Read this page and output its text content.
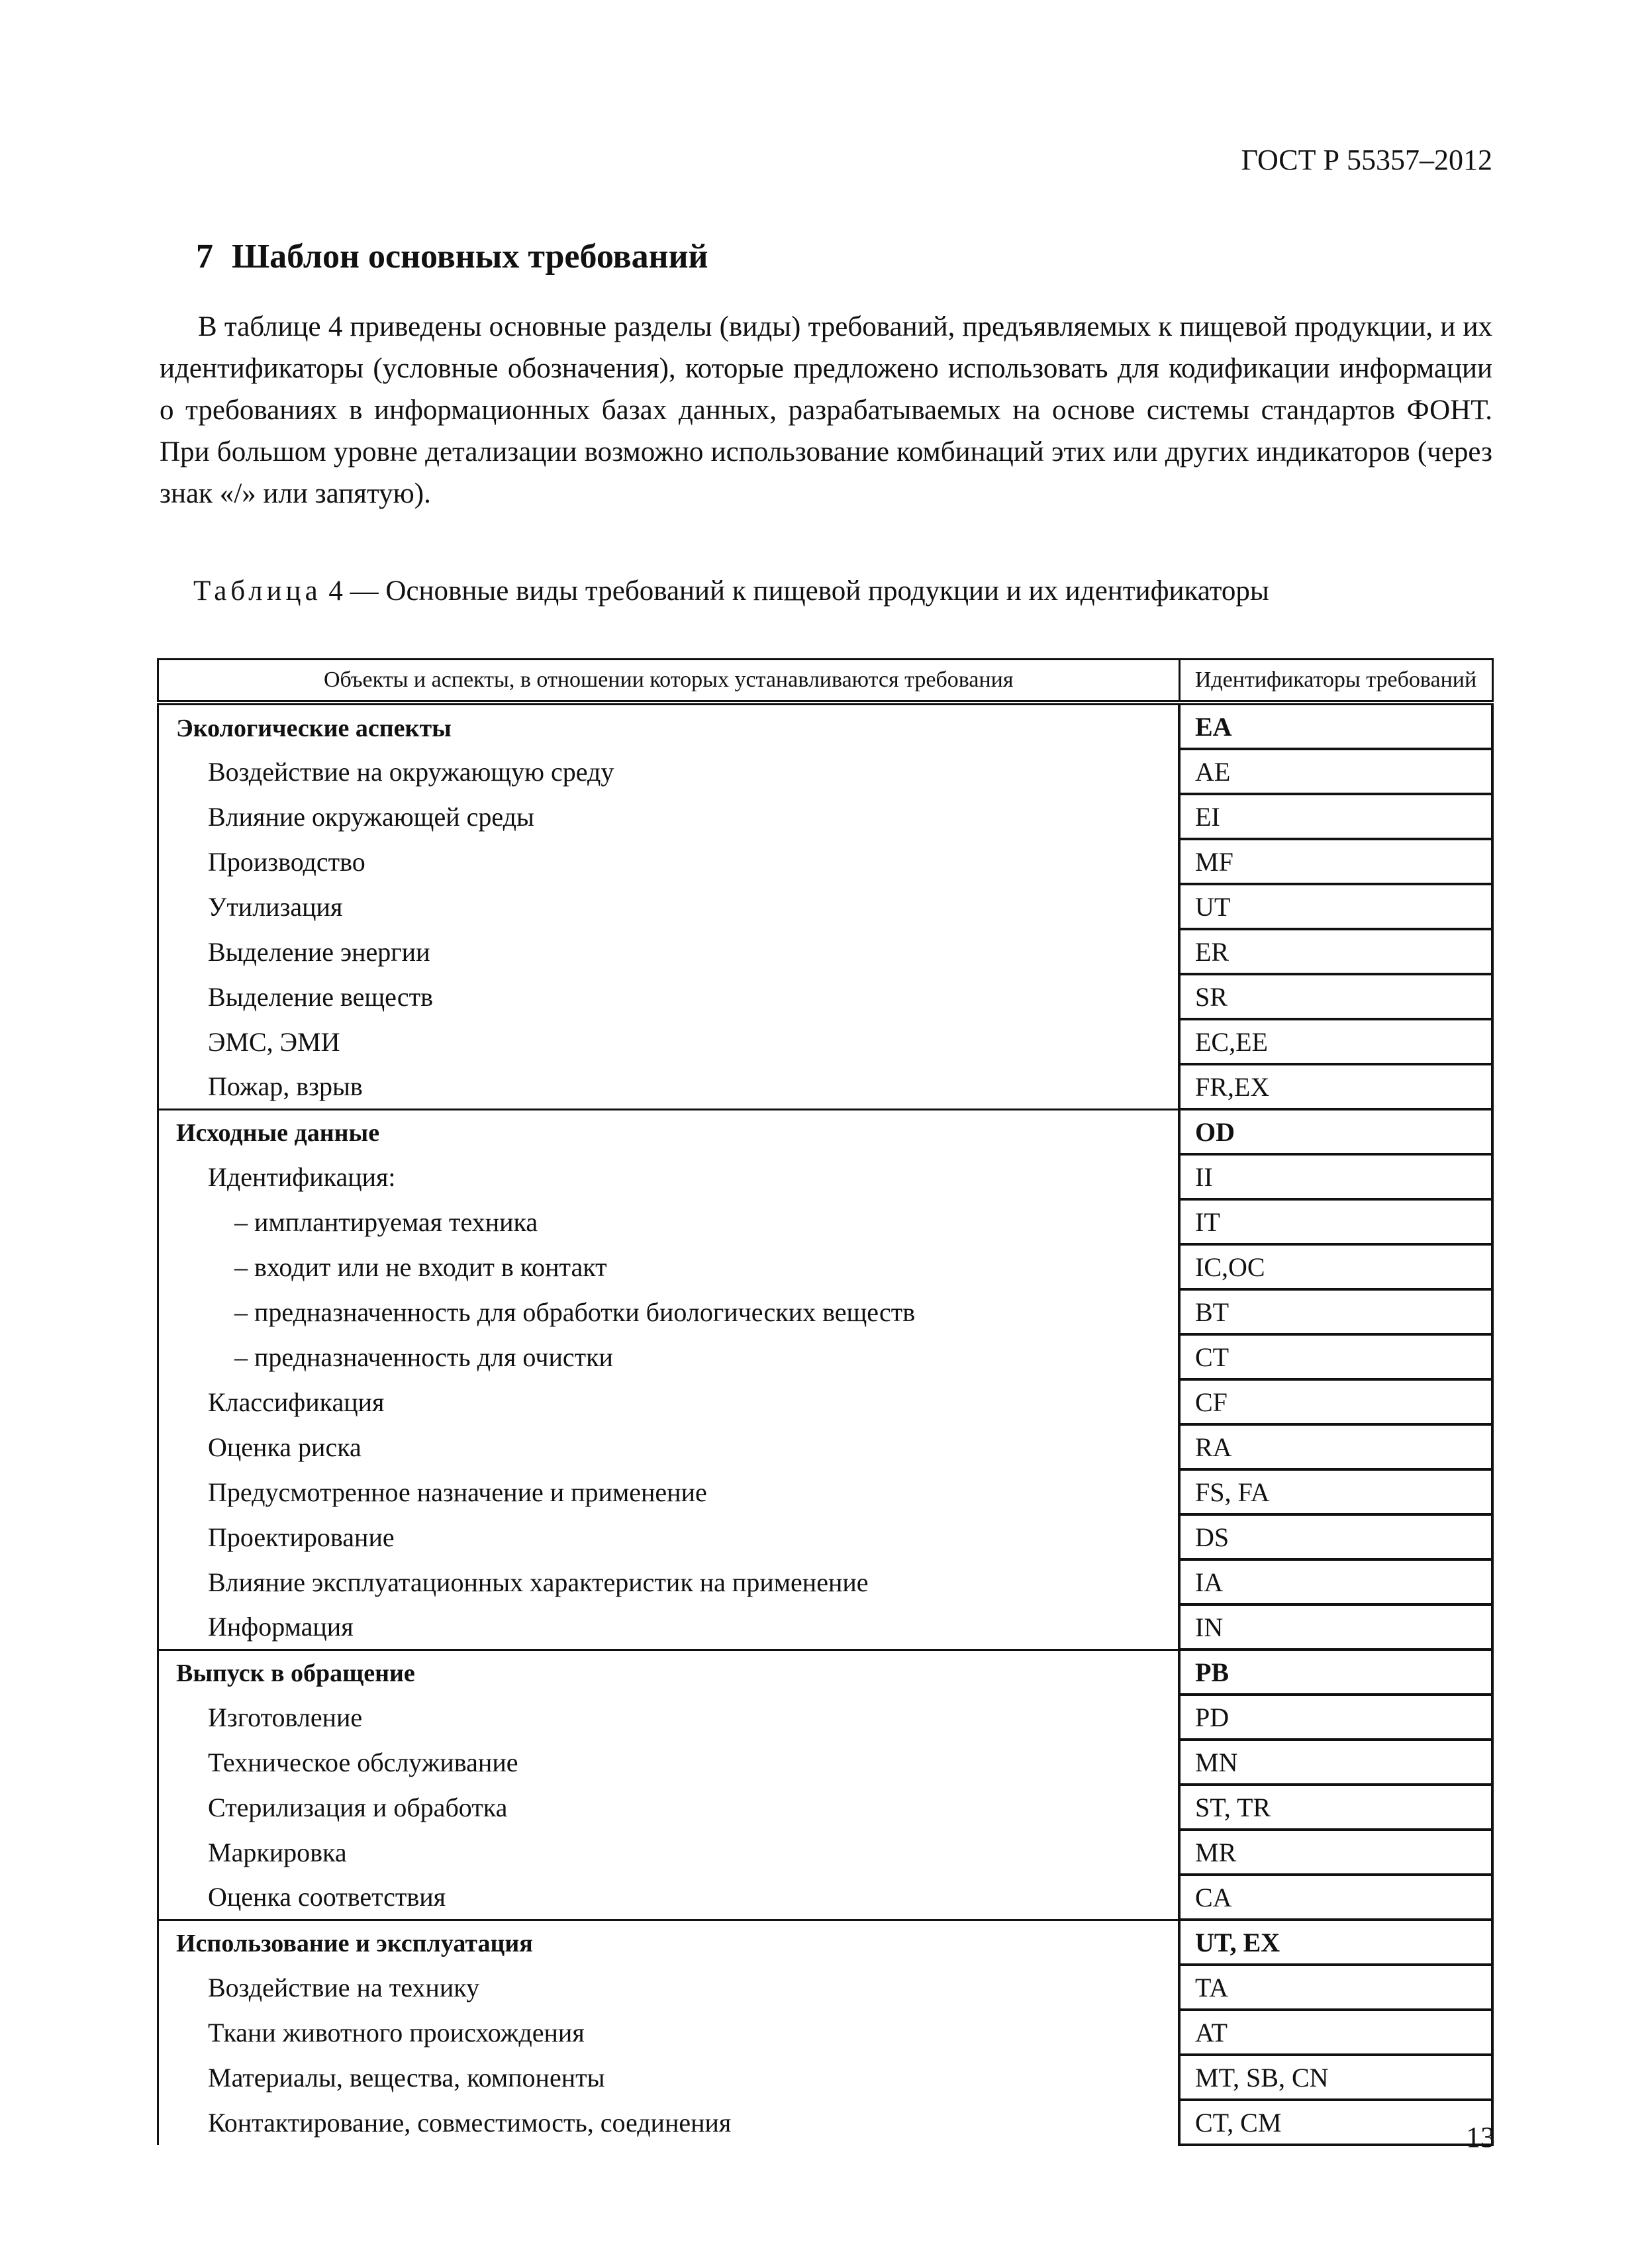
ГОСТ Р 55357–2012
7 Шаблон основных требований
В таблице 4 приведены основные разделы (виды) требований, предъявляемых к пищевой продукции, и их идентификаторы (условные обозначения), которые предложено использовать для кодификации информации о требованиях в информационных базах данных, разрабатываемых на основе системы стандартов ФОНТ. При большом уровне детализации возможно использование комбинаций этих или других индикаторов (через знак «/» или запятую).
Таблица 4 — Основные виды требований к пищевой продукции и их идентификаторы
Объекты и аспекты, в отношении которых устанавливаются требования	Идентификаторы требований
Экологические аспекты	EA
Воздействие на окружающую среду	AE
Влияние окружающей среды	EI
Производство	MF
Утилизация	UT
Выделение энергии	ER
Выделение веществ	SR
ЭМС, ЭМИ	EC,EE
Пожар, взрыв	FR,EX
Исходные данные	OD
Идентификация:	II
– имплантируемая техника	IT
– входит или не входит в контакт	IC,OC
– предназначенность для обработки биологических веществ	BT
– предназначенность для очистки	CT
Классификация	CF
Оценка риска	RA
Предусмотренное назначение и применение	FS, FA
Проектирование	DS
Влияние эксплуатационных характеристик на применение	IA
Информация	IN
Выпуск в обращение	PB
Изготовление	PD
Техническое обслуживание	MN
Стерилизация и обработка	ST, TR
Маркировка	MR
Оценка соответствия	CA
Использование и эксплуатация	UT, EX
Воздействие на технику	TA
Ткани животного происхождения	AT
Материалы, вещества, компоненты	MT, SB, CN
Контактирование, совместимость, соединения	CT, CM	13
